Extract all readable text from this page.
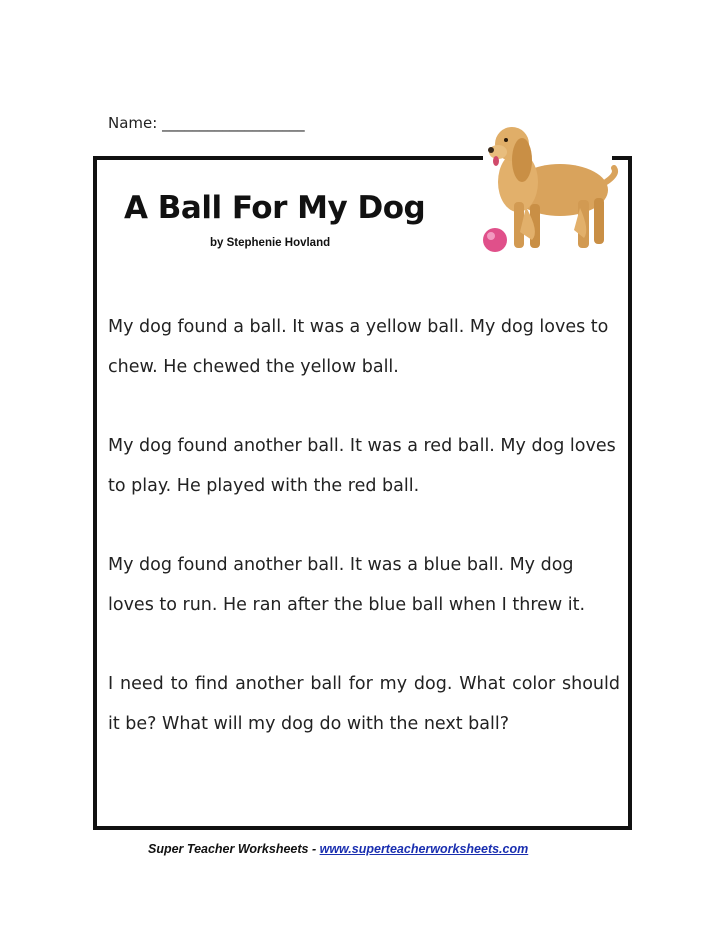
Name: ___________________
A Ball For My Dog
by Stephenie Hovland

My dog found a ball. It was a yellow ball. My dog loves to chew. He chewed the yellow ball.

My dog found another ball. It was a red ball. My dog loves to play. He played with the red ball.

My dog found another ball. It was a blue ball. My dog loves to run. He ran after the blue ball when I threw it.

I need to find another ball for my dog. What color should it be? What will my dog do with the next ball?

Super Teacher Worksheets - www.superteacherworksheets.com
